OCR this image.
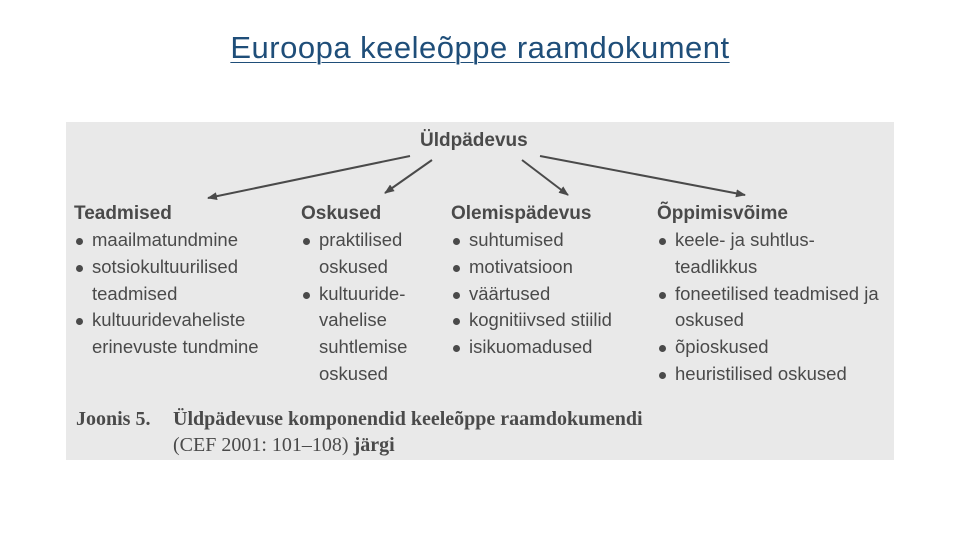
Euroopa keeleõppe raamdokument
Üldpädevus
Teadmised
maailmatundmine
sotsiokultuurilised teadmised
kultuuridevaheliste erinevuste tundmine
Oskused
praktilised oskused
kultuuride-vahelise suhtlemise oskused
Olemispädevus
suhtumised
motivatsioon
väärtused
kognitiivsed stiilid
isikuomadused
Õppimisvõime
keele- ja suhtlus-teadlikkus
foneetilised teadmised ja oskused
õpioskused
heuristilised oskused
Joonis 5. Üldpädevuse komponendid keeleõppe raamdokumendi
(CEF 2001: 101–108) järgi
